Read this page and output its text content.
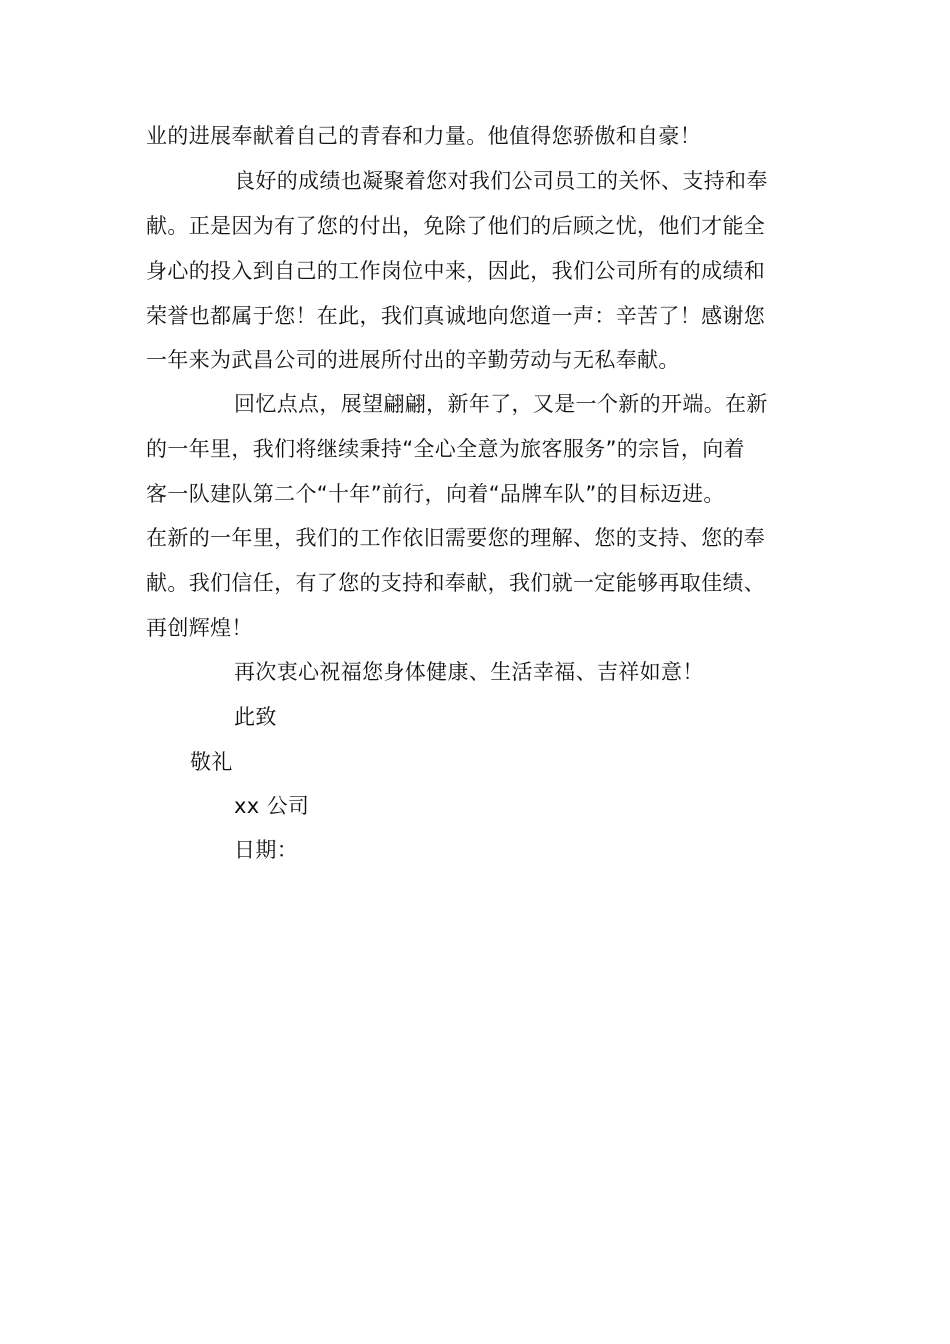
业的进展奉献着自己的青春和力量。他值得您骄傲和自豪！
良好的成绩也凝聚着您对我们公司员工的关怀、支持和奉
献。正是因为有了您的付出，免除了他们的后顾之忧，他们才能全
身心的投入到自己的工作岗位中来，因此，我们公司所有的成绩和
荣誉也都属于您！在此，我们真诚地向您道一声：辛苦了！感谢您
一年来为武昌公司的进展所付出的辛勤劳动与无私奉献。
回忆点点，展望翩翩，新年了，又是一个新的开端。在新
的一年里，我们将继续秉持“全心全意为旅客服务”的宗旨，向着
客一队建队第二个“十年”前行，向着“品牌车队”的目标迈进。
在新的一年里，我们的工作依旧需要您的理解、您的支持、您的奉
献。我们信任，有了您的支持和奉献，我们就一定能够再取佳绩、
再创辉煌！
再次衷心祝福您身体健康、生活幸福、吉祥如意！
此致
敬礼
xx 公司
日期：
